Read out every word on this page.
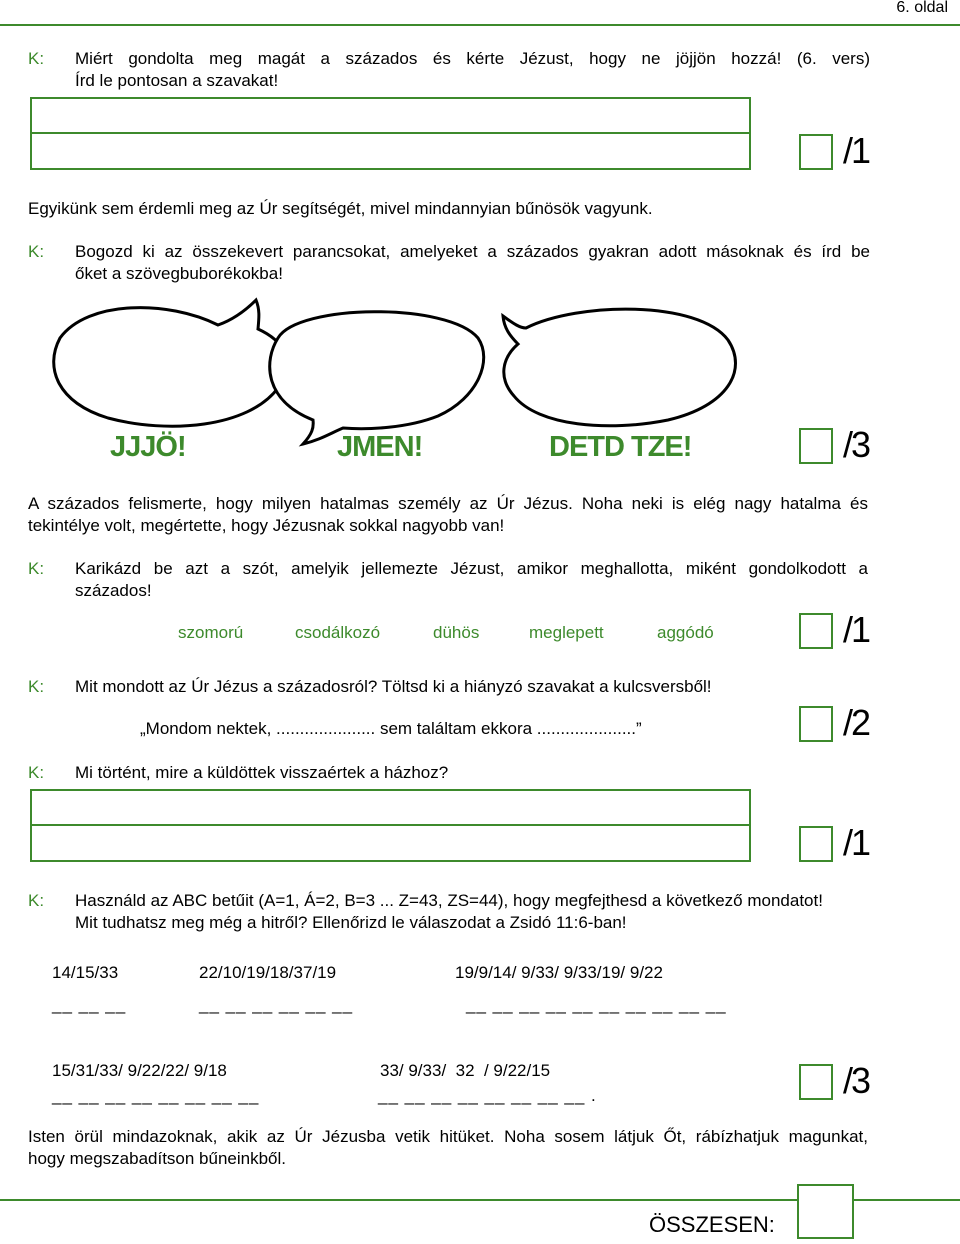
6. oldal
K: Miért gondolta meg magát a százados és kérte Jézust, hogy ne jöjjön hozzá! (6. vers)
Írd le pontosan a szavakat!
/1
Egyikünk sem érdemli meg az Úr segítségét, mivel mindannyian bűnösök vagyunk.
K: Bogozd ki az összekevert parancsokat, amelyeket a százados gyakran adott másoknak és írd be
őket a szövegbuborékokba!
JJJÖ!	JMEN!	DETD TZE!	/3
A százados felismerte, hogy milyen hatalmas személy az Úr Jézus. Noha neki is elég nagy hatalma és
tekintélye volt, megértette, hogy Jézusnak sokkal nagyobb van!
K: Karikázd be azt a szót, amelyik jellemezte Jézust, amikor meghallotta, miként gondolkodott a
százados!
szomorú	csodálkozó	dühös	meglepett	aggódó	/1
K: Mit mondott az Úr Jézus a századosról? Töltsd ki a hiányzó szavakat a kulcsversből!
„Mondom nektek, ..................... sem találtam ekkora .....................”	/2
K: Mi történt, mire a küldöttek visszaértek a házhoz?
/1
K: Használd az ABC betűit (A=1, Á=2, B=3 ... Z=43, ZS=44), hogy megfejthesd a következő mondatot!
Mit tudhatsz meg még a hitről? Ellenőrizd le válaszodat a Zsidó 11:6-ban!
14/15/33	22/10/19/18/37/19	19/9/14/ 9/33/ 9/33/19/ 9/22
__ __ __	__ __ __ __ __ __	__ __ __ __ __ __ __ __ __ __
15/31/33/ 9/22/22/ 9/18	33/ 9/33/  32  / 9/22/15
__ __ __ __ __ __ __ __	__ __ __ __ __ __ __ __ .	/3
Isten örül mindazoknak, akik az Úr Jézusba vetik hitüket. Noha sosem látjuk Őt, rábízhatjuk magunkat,
hogy megszabadítson bűneinkből.
ÖSSZESEN:
